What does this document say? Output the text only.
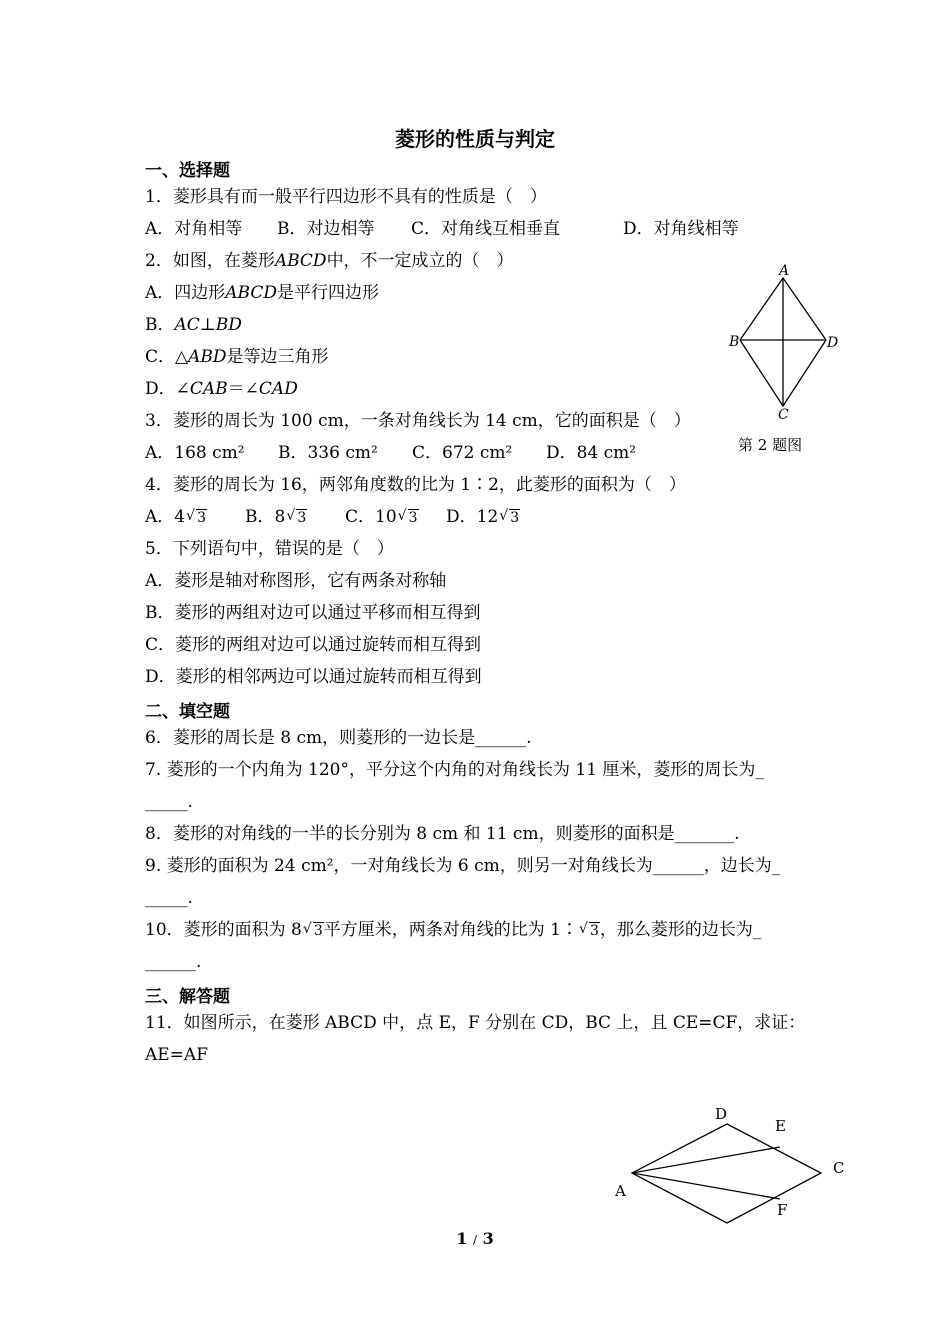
菱形的性质与判定
一、选择题
1．菱形具有而一般平行四边形不具有的性质是（　）
A．对角相等 B．对边相等 C．对角线互相垂直	D．对角线相等
2．如图，在菱形ABCD中，不一定成立的（　）
A．四边形ABCD是平行四边形
B．AC⊥BD
C．△ABD是等边三角形
D．∠CAB＝∠CAD
A
B	D
C
第 2 题图
3．菱形的周长为 100 cm，一条对角线长为 14 cm，它的面积是（　）
A．168 cm² B．336 cm² C．672 cm² D．84 cm²
4．菱形的周长为 16，两邻角度数的比为 1∶2，此菱形的面积为（　）
A．4 √ 3 B．8 √ 3 C．10 √ 3 D．12 √ 3
5．下列语句中，错误的是（　）
A．菱形是轴对称图形，它有两条对称轴
B．菱形的两组对边可以通过平移而相互得到
C．菱形的两组对边可以通过旋转而相互得到
D．菱形的相邻两边可以通过旋转而相互得到
二、填空题
6．菱形的周长是 8 cm，则菱形的一边长是______.
7. 菱形的一个内角为 120°，平分这个内角的对角线长为 11 厘米，菱形的周长为_
_____.
8．菱形的对角线的一半的长分别为 8 cm 和 11 cm，则菱形的面积是_______.
9. 菱形的面积为 24 cm²，一对角线长为 6 cm，则另一对角线长为______，边长为_
_____.
10．菱形的面积为 8 √ 3平方厘米，两条对角线的比为 1∶ √ 3，那么菱形的边长为_
______.
三、解答题
11．如图所示，在菱形 ABCD 中，点 E，F 分别在 CD，BC 上，且 CE=CF，求证：
AE=AF
D
E
C
A
F
1 / 3
